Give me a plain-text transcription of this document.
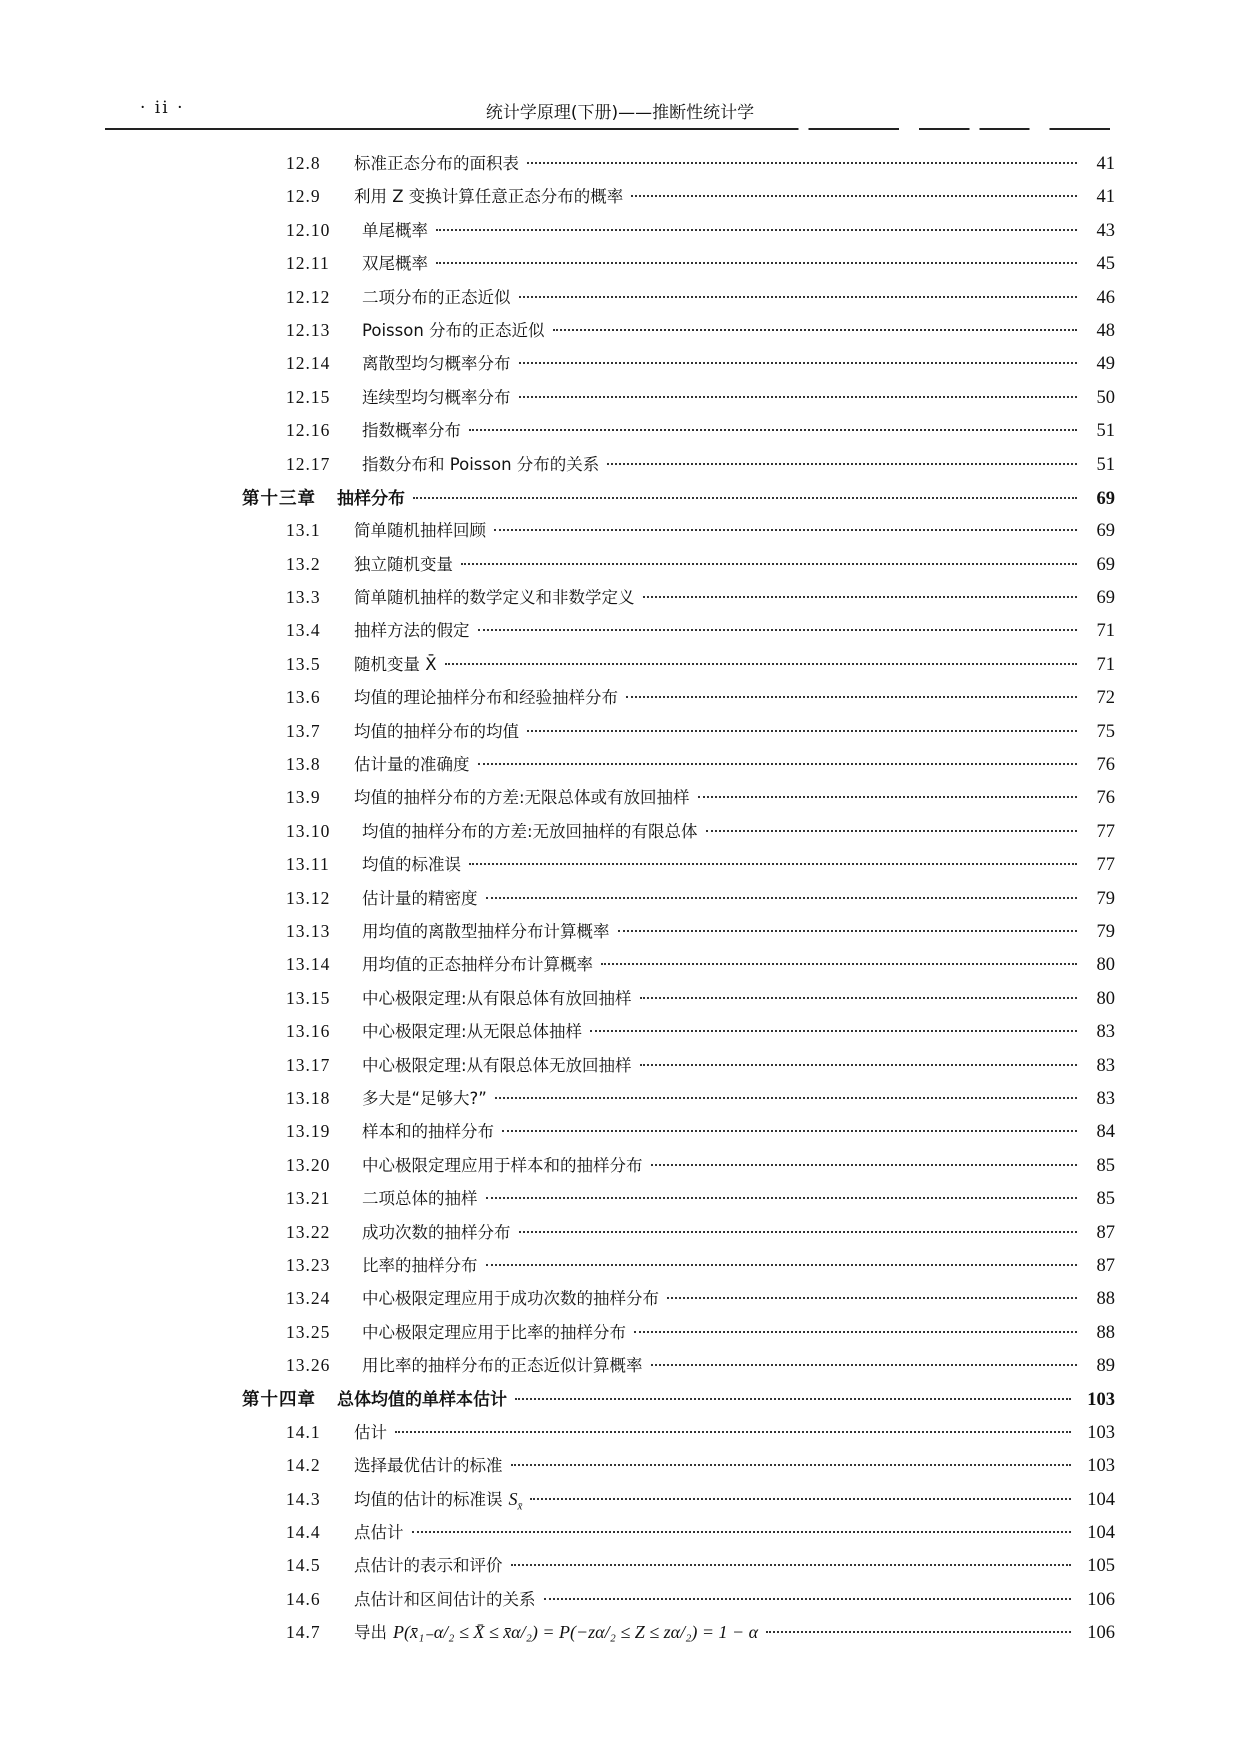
· ii ·	统计学原理(下册)——推断性统计学
12.8	标准正态分布的面积表	41
12.9	利用 Z 变换计算任意正态分布的概率	41
12.10	单尾概率	43
12.11	双尾概率	45
12.12	二项分布的正态近似	46
12.13	Poisson 分布的正态近似	48
12.14	离散型均匀概率分布	49
12.15	连续型均匀概率分布	50
12.16	指数概率分布	51
12.17	指数分布和 Poisson 分布的关系	51
第十三章	抽样分布	69
13.1	简单随机抽样回顾	69
13.2	独立随机变量	69
13.3	简单随机抽样的数学定义和非数学定义	69
13.4	抽样方法的假定	71
13.5	随机变量 X̄	71
13.6	均值的理论抽样分布和经验抽样分布	72
13.7	均值的抽样分布的均值	75
13.8	估计量的准确度	76
13.9	均值的抽样分布的方差:无限总体或有放回抽样	76
13.10	均值的抽样分布的方差:无放回抽样的有限总体	77
13.11	均值的标准误	77
13.12	估计量的精密度	79
13.13	用均值的离散型抽样分布计算概率	79
13.14	用均值的正态抽样分布计算概率	80
13.15	中心极限定理:从有限总体有放回抽样	80
13.16	中心极限定理:从无限总体抽样	83
13.17	中心极限定理:从有限总体无放回抽样	83
13.18	多大是“足够大?”	83
13.19	样本和的抽样分布	84
13.20	中心极限定理应用于样本和的抽样分布	85
13.21	二项总体的抽样	85
13.22	成功次数的抽样分布	87
13.23	比率的抽样分布	87
13.24	中心极限定理应用于成功次数的抽样分布	88
13.25	中心极限定理应用于比率的抽样分布	88
13.26	用比率的抽样分布的正态近似计算概率	89
第十四章	总体均值的单样本估计	103
14.1	估计	103
14.2	选择最优估计的标准	103
14.3	均值的估计的标准误 $S_{x̄}$	104
14.4	点估计	104
14.5	点估计的表示和评价	105
14.6	点估计和区间估计的关系	106
14.7	导出 P(x̄₁₋α/₂ ≤ X̄ ≤ x̄α/₂) = P(−zα/₂ ≤ Z ≤ zα/₂) = 1 − α	106
